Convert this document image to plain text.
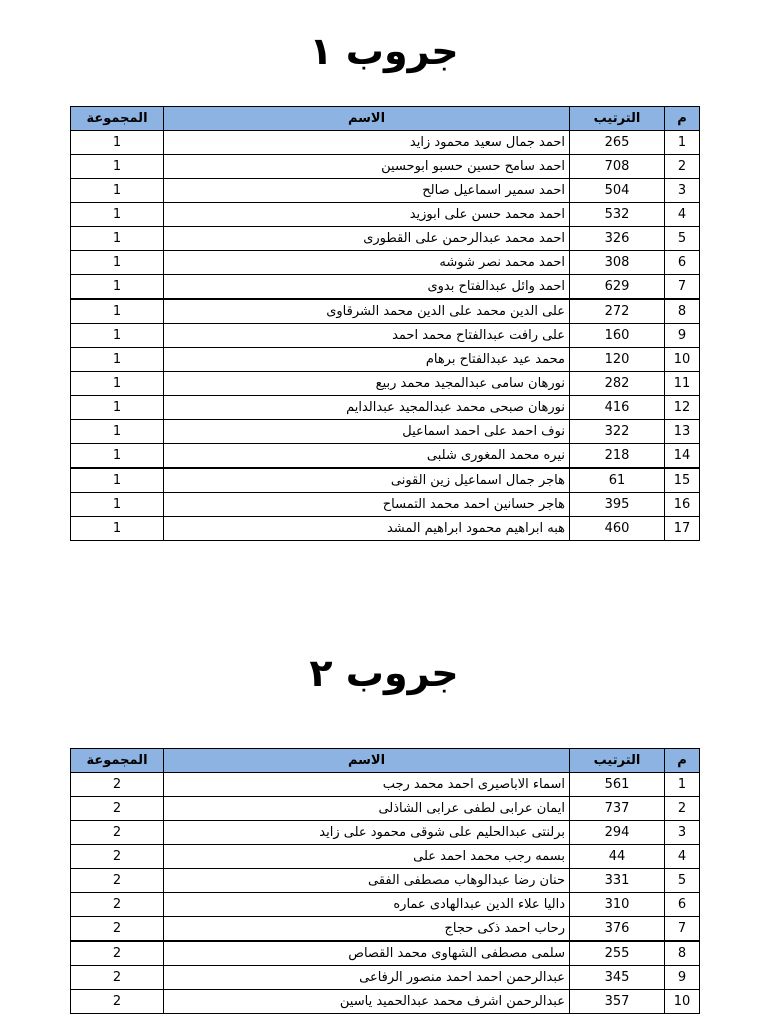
جروب ١
م	الترتيب	الاسم	المجموعة
1	265	احمد جمال سعيد محمود زايد	1
2	708	احمد سامح حسين حسبو ابوحسين	1
3	504	احمد سمير اسماعيل صالح	1
4	532	احمد محمد حسن على ابوزيد	1
5	326	احمد محمد عبدالرحمن على القطورى	1
6	308	احمد محمد نصر شوشه	1
7	629	احمد وائل عبدالفتاح بدوى	1
8	272	على الدين محمد على الدين محمد الشرقاوى	1
9	160	على رافت عبدالفتاح محمد احمد	1
10	120	محمد عيد عبدالفتاح برهام	1
11	282	نورهان سامى عبدالمجيد محمد ربيع	1
12	416	نورهان صبحى محمد عبدالمجيد عبدالدايم	1
13	322	نوف احمد على احمد اسماعيل	1
14	218	نيره محمد المغورى شلبى	1
15	61	هاجر جمال اسماعيل زين القونى	1
16	395	هاجر حسانين احمد محمد التمساح	1
17	460	هبه ابراهيم محمود ابراهيم المشد	1
جروب ٢
م	الترتيب	الاسم	المجموعة
1	561	اسماء الاباصيرى احمد محمد رجب	2
2	737	ايمان عرابى لطفى عرابى الشاذلى	2
3	294	برلنتى عبدالحليم على شوقى محمود على زايد	2
4	44	بسمه رجب محمد احمد على	2
5	331	حنان رضا عبدالوهاب مصطفى الفقى	2
6	310	داليا علاء الدين عبدالهادى عماره	2
7	376	رحاب احمد ذكى حجاج	2
8	255	سلمى مصطفى الشهاوى محمد القصاص	2
9	345	عبدالرحمن احمد احمد منصور الرفاعى	2
10	357	عبدالرحمن اشرف محمد عبدالحميد ياسين	2
